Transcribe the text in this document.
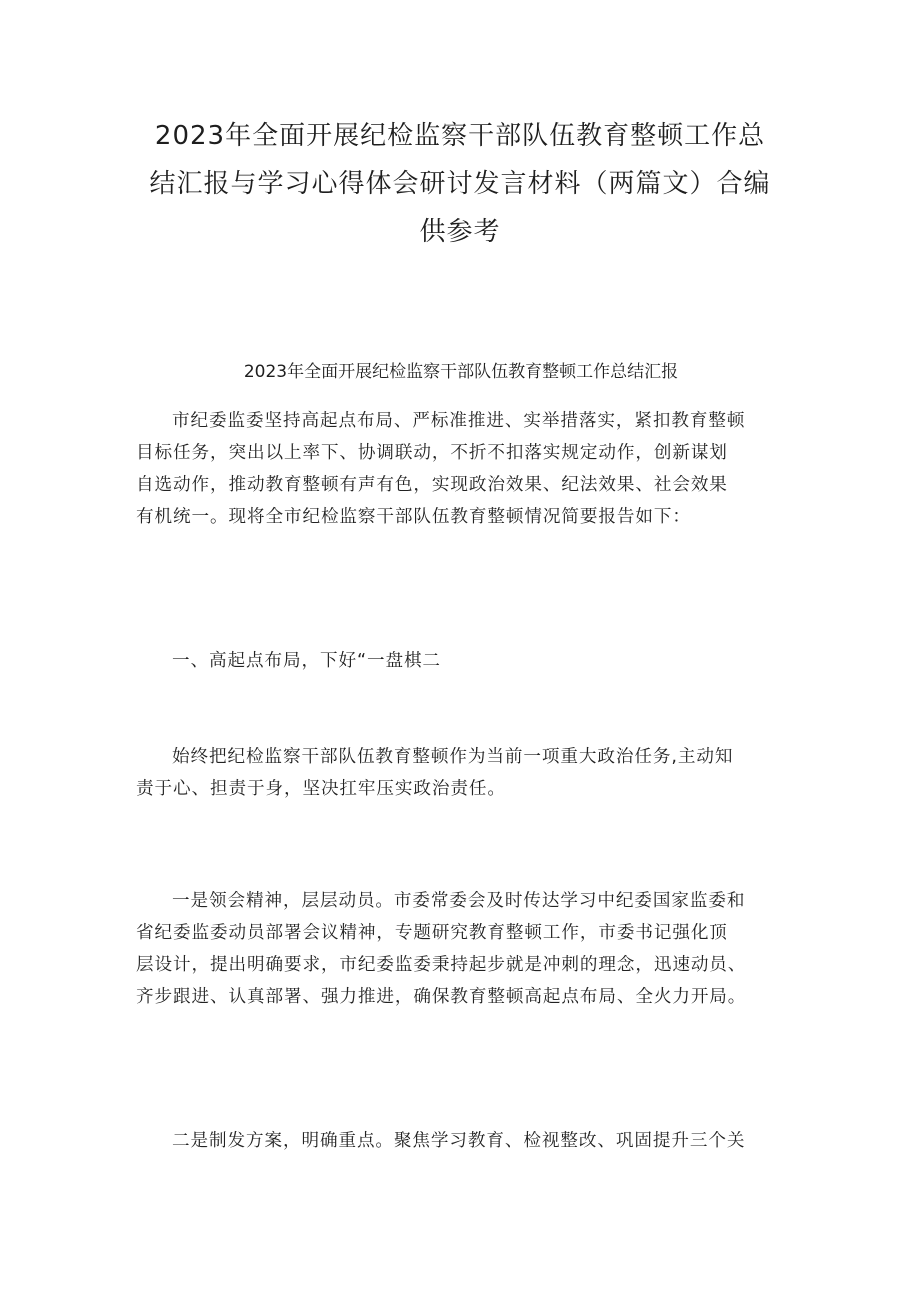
2023年全面开展纪检监察干部队伍教育整顿工作总
结汇报与学习心得体会研讨发言材料（两篇文）合编
供参考
2023年全面开展纪检监察干部队伍教育整顿工作总结汇报
市纪委监委坚持高起点布局、严标准推进、实举措落实，紧扣教育整顿
目标任务，突出以上率下、协调联动，不折不扣落实规定动作，创新谋划
自选动作，推动教育整顿有声有色，实现政治效果、纪法效果、社会效果
有机统一。现将全市纪检监察干部队伍教育整顿情况简要报告如下：
一、高起点布局，下好“一盘棋二
始终把纪检监察干部队伍教育整顿作为当前一项重大政治任务,主动知
责于心、担责于身，坚决扛牢压实政治责任。
一是领会精神，层层动员。市委常委会及时传达学习中纪委国家监委和
省纪委监委动员部署会议精神，专题研究教育整顿工作，市委书记强化顶
层设计，提出明确要求，市纪委监委秉持起步就是冲刺的理念，迅速动员、
齐步跟进、认真部署、强力推进，确保教育整顿高起点布局、全火力开局。
二是制发方案，明确重点。聚焦学习教育、检视整改、巩固提升三个关
